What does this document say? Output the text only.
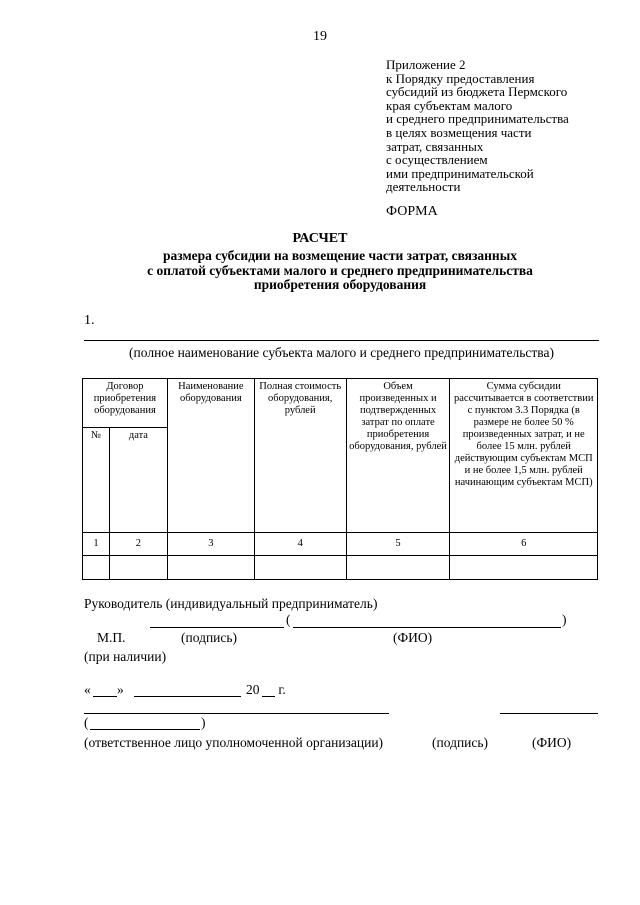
19
Приложение 2
к Порядку предоставления
субсидий из бюджета Пермского
края субъектам малого
и среднего предпринимательства
в целях возмещения части
затрат, связанных
с осуществлением
ими предпринимательской
деятельности
ФОРМА
РАСЧЕТ
размера субсидии на возмещение части затрат, связанных
с оплатой субъектами малого и среднего предпринимательства
приобретения оборудования
1.
(полное наименование субъекта малого и среднего предпринимательства)
Договор приобретения оборудования		Наименование оборудования	Полная стоимость оборудования, рублей	Объем произведенных и подтвержденных затрат по оплате приобретения оборудования, рублей	Сумма субсидии рассчитывается в соответствии с пунктом 3.3 Порядка (в размере не более 50 % произведенных затрат, и не более 15 млн. рублей действующим субъектам МСП и не более 1,5 млн. рублей начинающим субъектам МСП)
№	дата				
1	2	3	4	5	6

Руководитель (индивидуальный предприниматель)
(	)
М.П.	(подпись)	(ФИО)
(при наличии)
« »	20 г.
(	)
(ответственное лицо уполномоченной организации)	(подпись)	(ФИО)
